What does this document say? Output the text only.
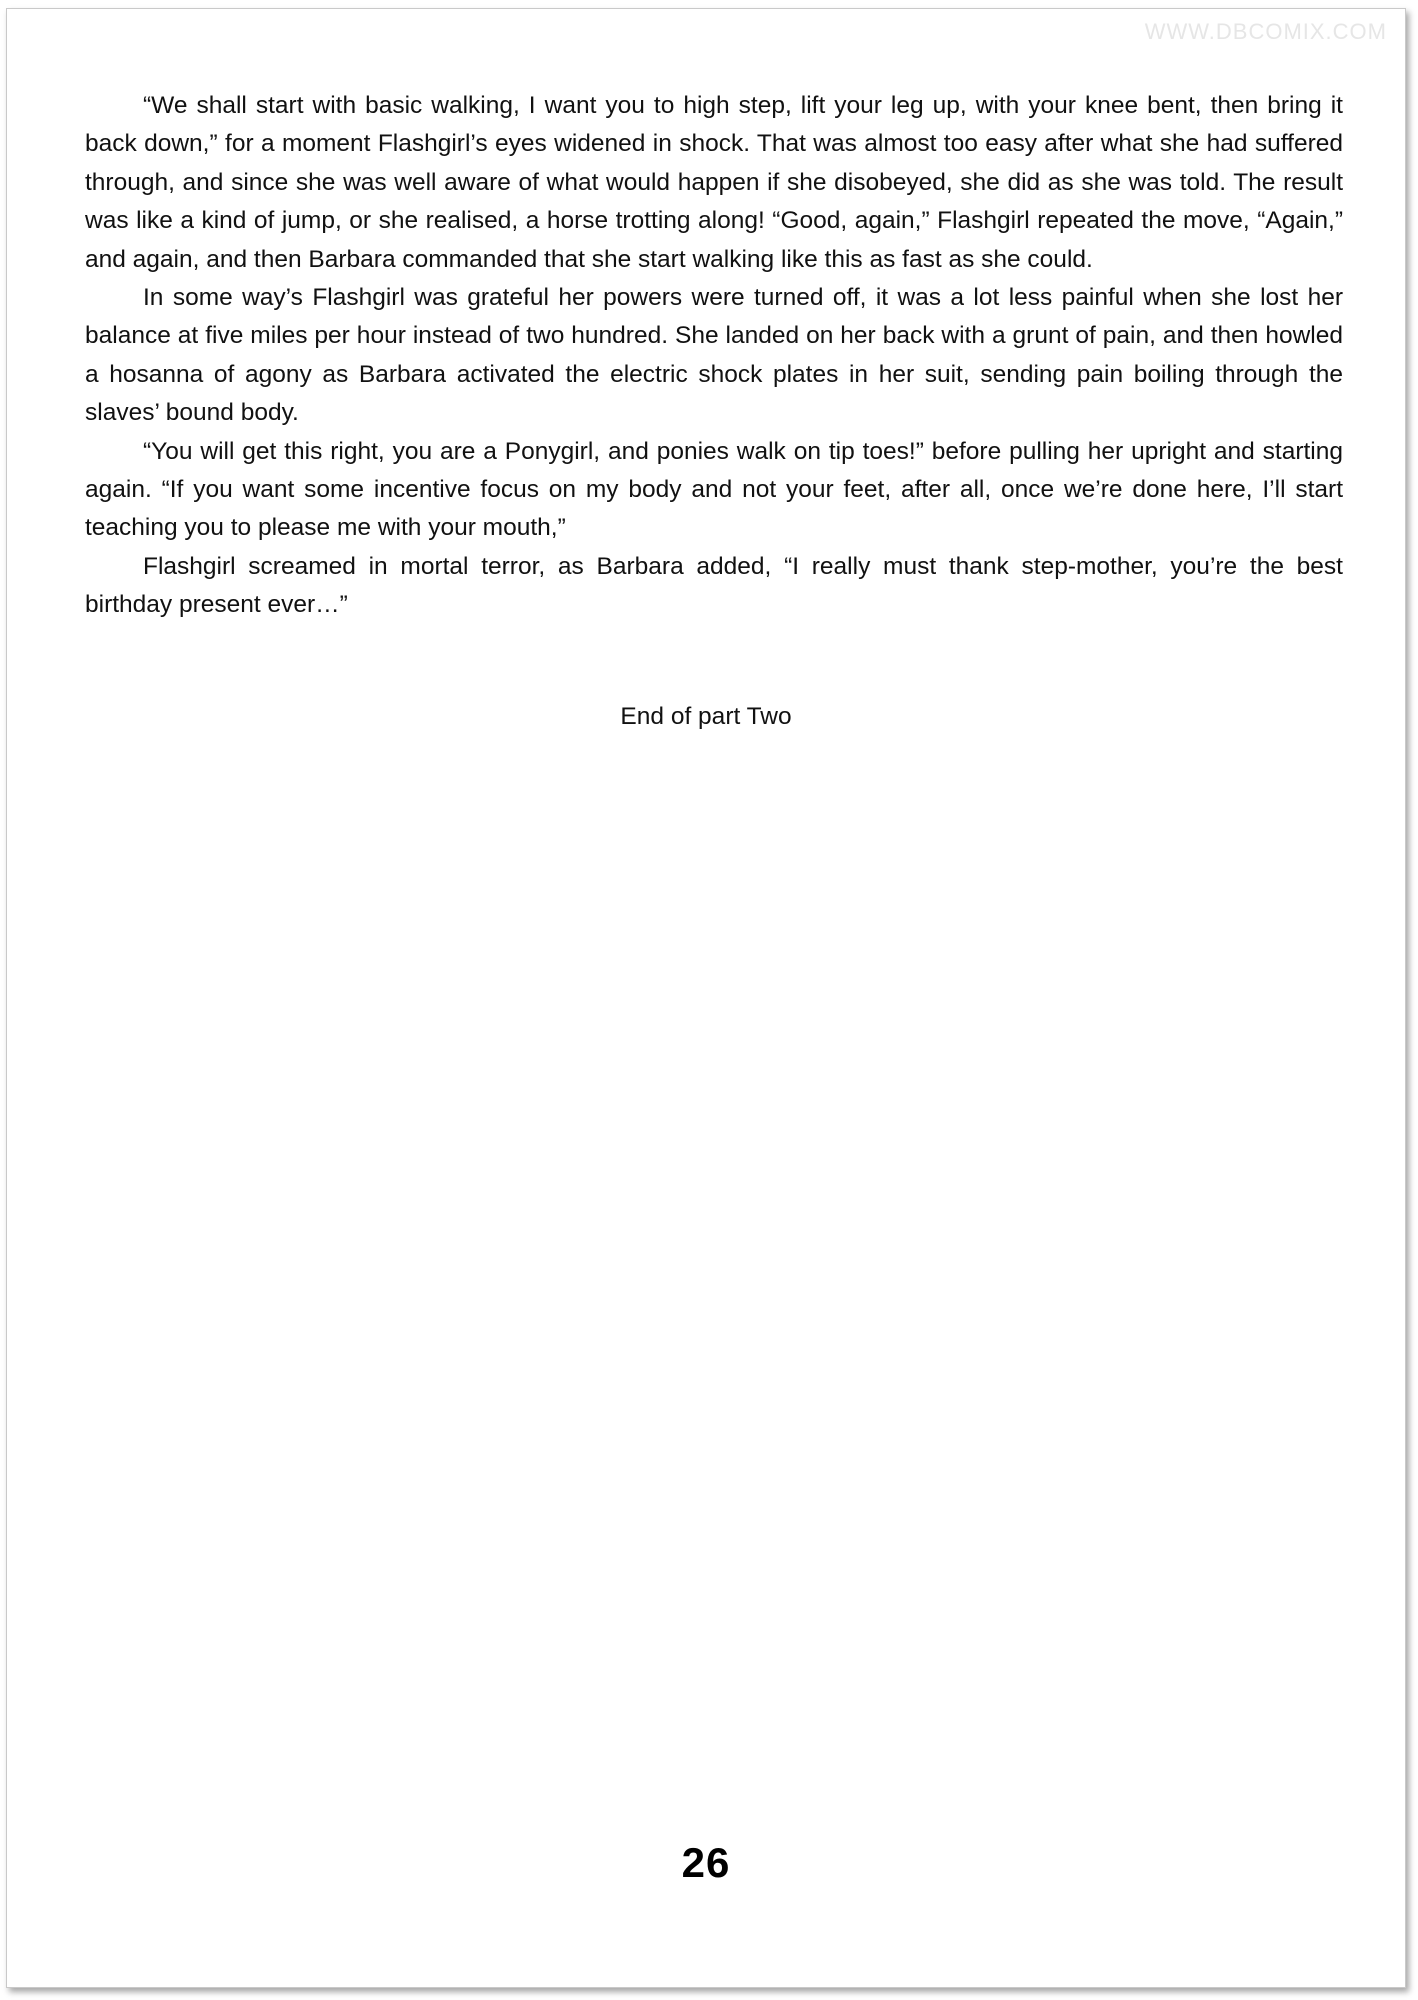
WWW.DBCOMIX.COM

“We shall start with basic walking, I want you to high step, lift your leg up, with your knee bent, then bring it back down,” for a moment Flashgirl’s eyes widened in shock. That was almost too easy after what she had suffered through, and since she was well aware of what would happen if she disobeyed, she did as she was told. The result was like a kind of jump, or she realised, a horse trotting along! “Good, again,” Flashgirl repeated the move, “Again,” and again, and then Barbara commanded that she start walking like this as fast as she could.

In some way’s Flashgirl was grateful her powers were turned off, it was a lot less painful when she lost her balance at five miles per hour instead of two hundred. She landed on her back with a grunt of pain, and then howled a hosanna of agony as Barbara activated the electric shock plates in her suit, sending pain boiling through the slaves’ bound body.

“You will get this right, you are a Ponygirl, and ponies walk on tip toes!” before pulling her upright and starting again. “If you want some incentive focus on my body and not your feet, after all, once we’re done here, I’ll start teaching you to please me with your mouth,”

Flashgirl screamed in mortal terror, as Barbara added, “I really must thank step-mother, you’re the best birthday present ever…”

End of part Two
26
